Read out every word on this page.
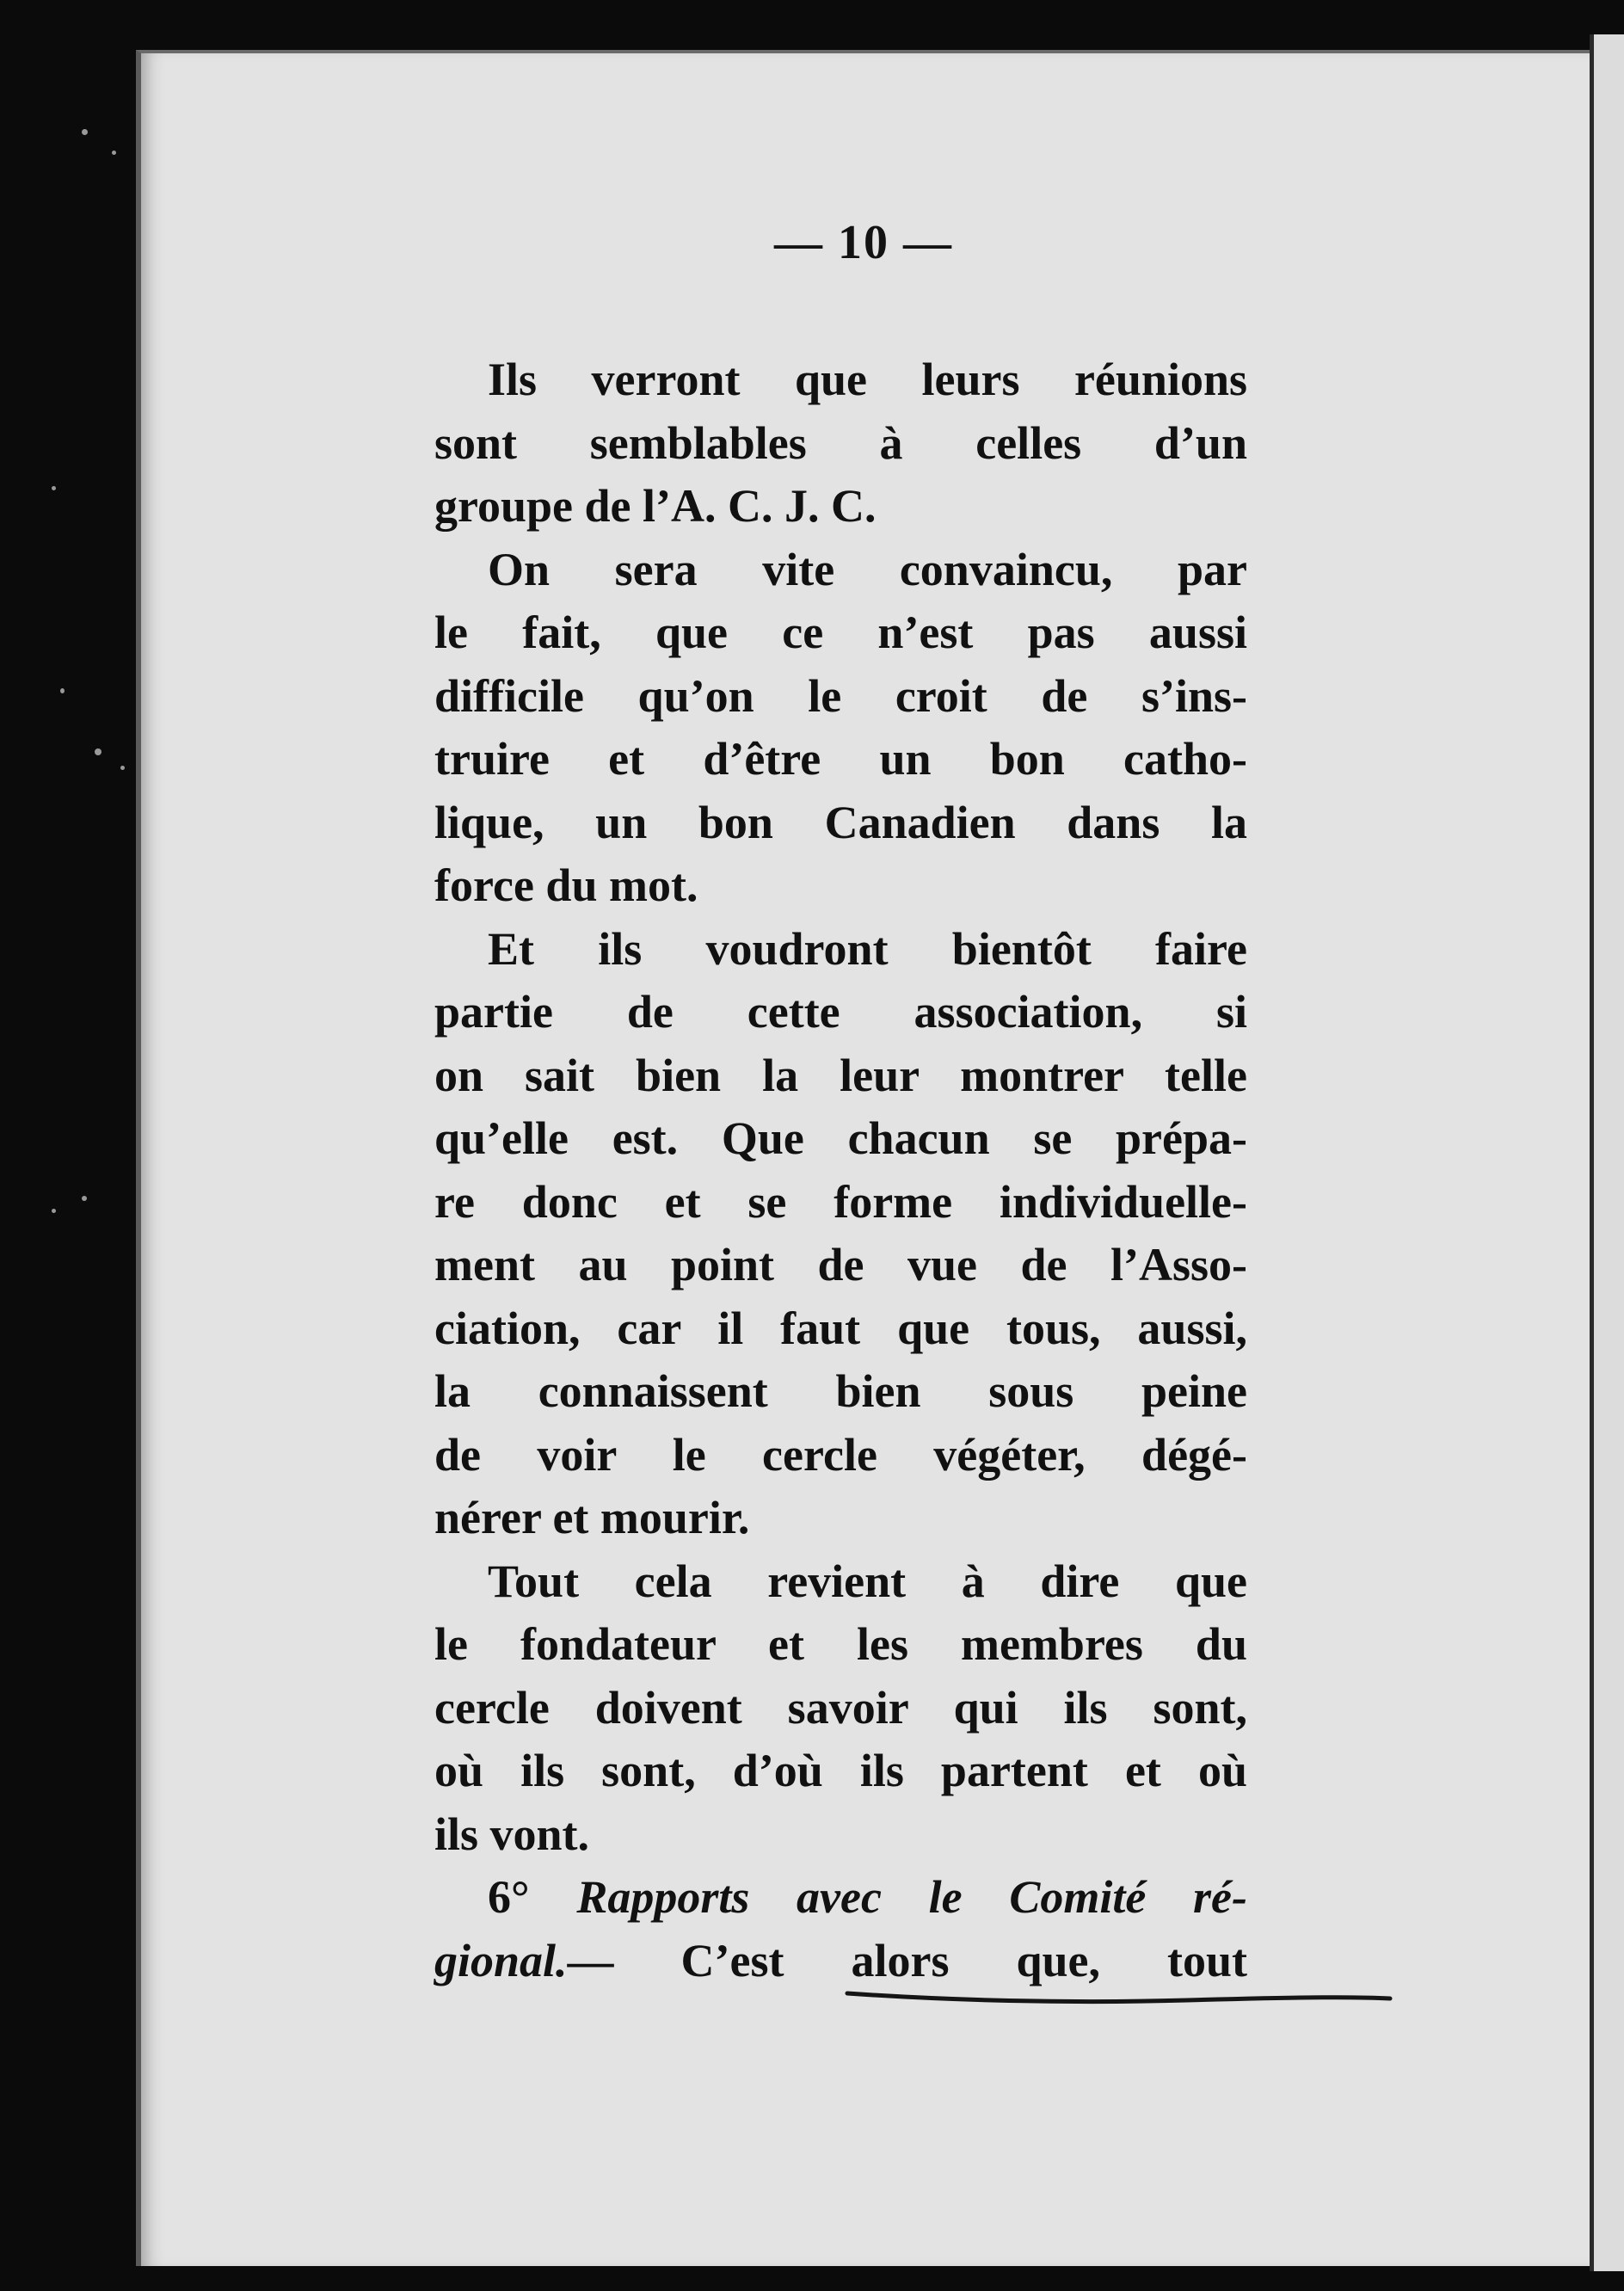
— 10 —
Ils verront que leurs réunions
sont semblables à celles d’un
groupe de l’A. C. J. C.
On sera vite convaincu, par
le fait, que ce n’est pas aussi
difficile qu’on le croit de s’ins-
truire et d’être un bon catho-
lique, un bon Canadien dans la
force du mot.
Et ils voudront bientôt faire
partie de cette association, si
on sait bien la leur montrer telle
qu’elle est. Que chacun se prépa-
re donc et se forme individuelle-
ment au point de vue de l’Asso-
ciation, car il faut que tous, aussi,
la connaissent bien sous peine
de voir le cercle végéter, dégé-
nérer et mourir.
Tout cela revient à dire que
le fondateur et les membres du
cercle doivent savoir qui ils sont,
où ils sont, d’où ils partent et où
ils vont.
6° Rapports avec le Comité ré-
gional.— C’est alors que, tout
